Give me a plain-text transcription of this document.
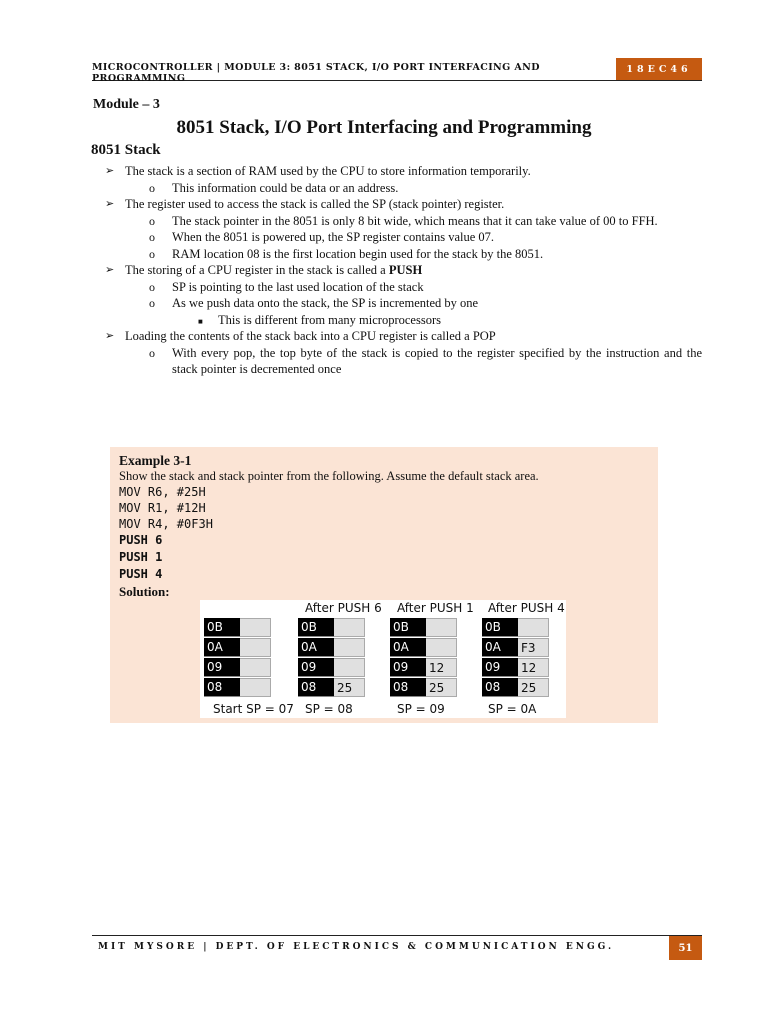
MICROCONTROLLER | MODULE 3: 8051 STACK, I/O PORT INTERFACING AND PROGRAMMING
18EC46
Module – 3
8051 Stack, I/O Port Interfacing and Programming
8051 Stack
➢ The stack is a section of RAM used by the CPU to store information temporarily.
o This information could be data or an address.
➢ The register used to access the stack is called the SP (stack pointer) register.
o The stack pointer in the 8051 is only 8 bit wide, which means that it can take value of 00 to FFH.
o When the 8051 is powered up, the SP register contains value 07.
o RAM location 08 is the first location begin used for the stack by the 8051.
➢ The storing of a CPU register in the stack is called a PUSH
o SP is pointing to the last used location of the stack
o As we push data onto the stack, the SP is incremented by one
■ This is different from many microprocessors
➢ Loading the contents of the stack back into a CPU register is called a POP
o With every pop, the top byte of the stack is copied to the register specified by the instruction and the stack pointer is decremented once
Example 3-1
Show the stack and stack pointer from the following. Assume the default stack area.
MOV R6, #25H
MOV R1, #12H
MOV R4, #0F3H
PUSH 6
PUSH 1
PUSH 4
Solution:
0B
0A
09
08
Start SP = 07
After PUSH 6
0B
0A
09
08	25
SP = 08
After PUSH 1
0B
0A
09	12
08	25
SP = 09
After PUSH 4
0B
0A	F3
09	12
08	25
SP = 0A
MIT MYSORE | DEPT. OF ELECTRONICS & COMMUNICATION ENGG.	51
